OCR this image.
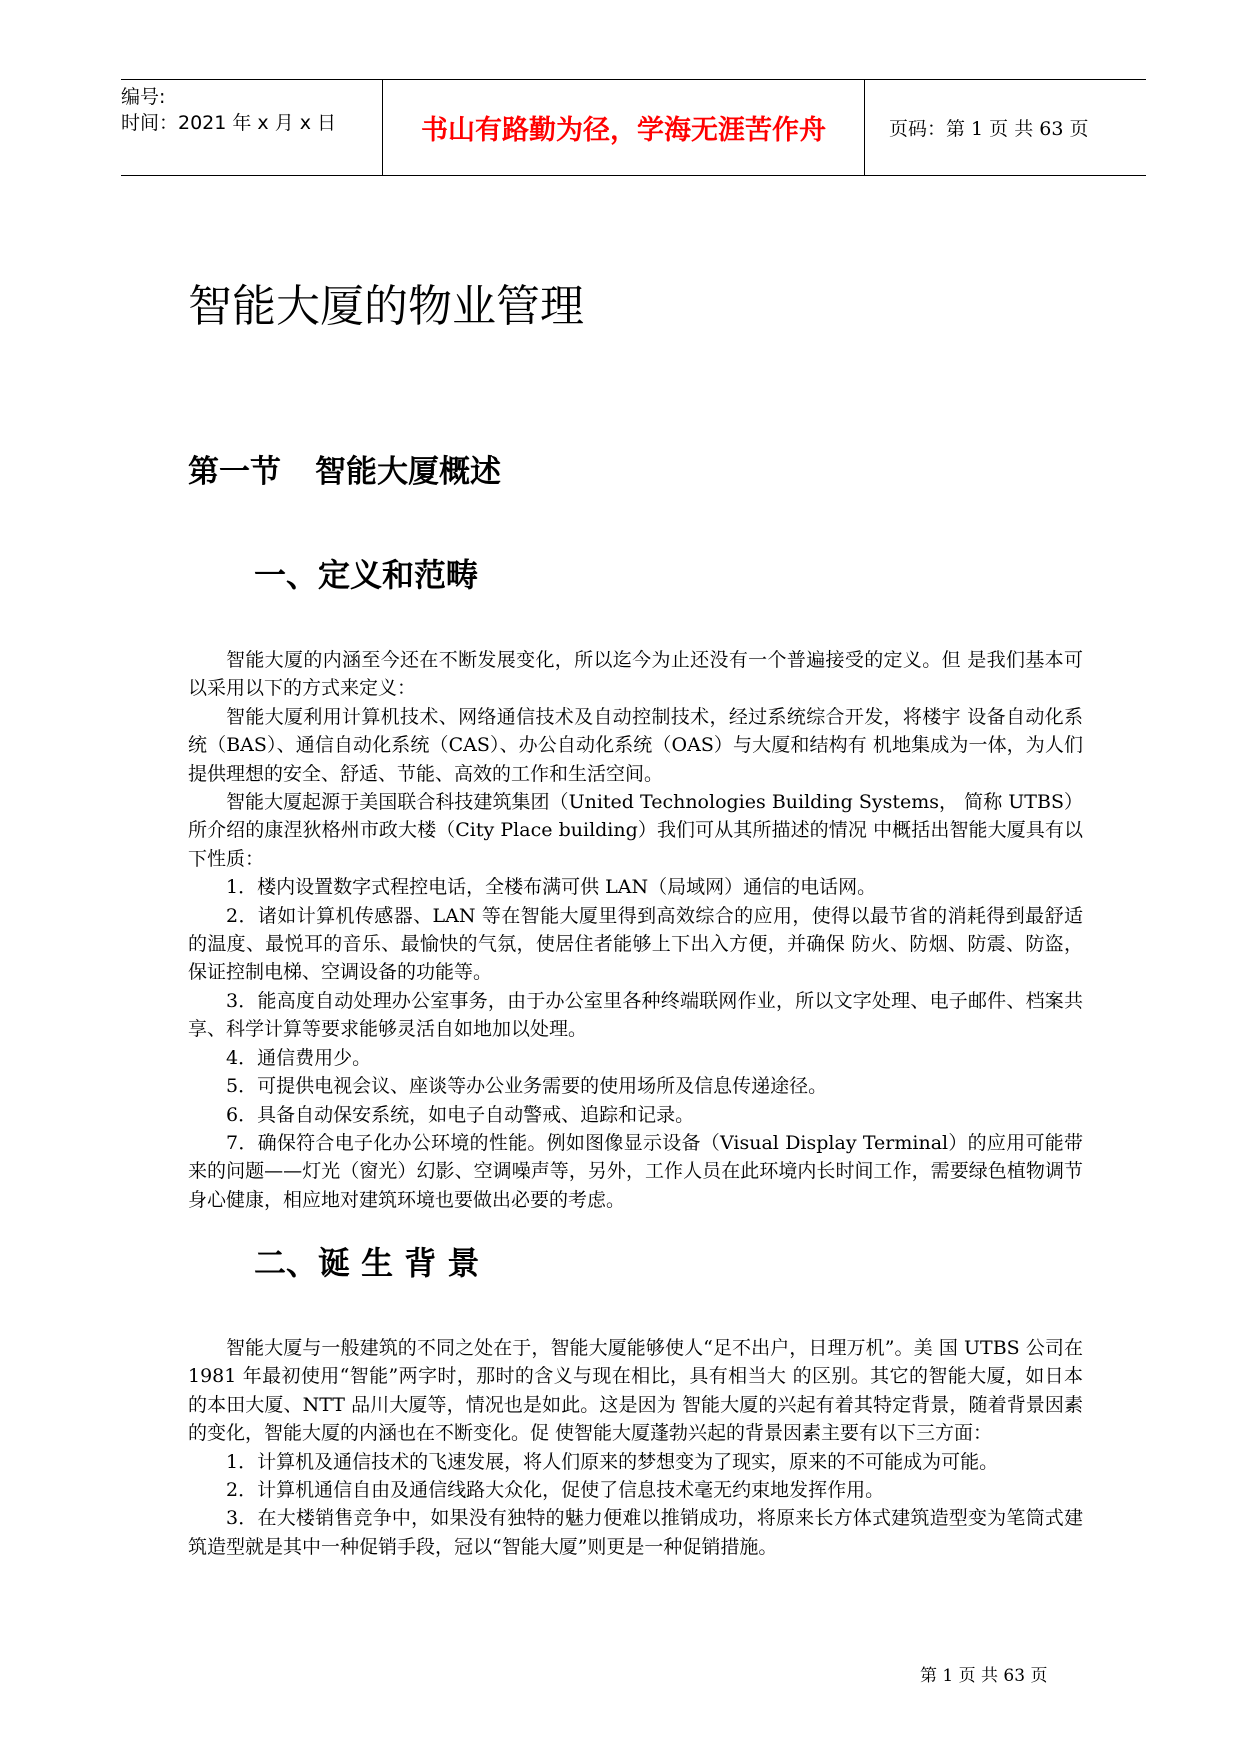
编号:
时间：2021 年 x 月 x 日	书山有路勤为径，学海无涯苦作舟	页码：第 1 页 共 63 页
智能大厦的物业管理
第一节 智能大厦概述
一、定义和范畴

智能大厦的内涵至今还在不断发展变化，所以迄今为止还没有一个普遍接受的定义。但 是我们基本可以采用以下的方式来定义：

智能大厦利用计算机技术、网络通信技术及自动控制技术，经过系统综合开发，将楼宇 设备自动化系统（BAS）、通信自动化系统（CAS）、办公自动化系统（OAS）与大厦和结构有 机地集成为一体，为人们提供理想的安全、舒适、节能、高效的工作和生活空间。

智能大厦起源于美国联合科技建筑集团（United Technologies Building Systems， 简称 UTBS）所介绍的康涅狄格州市政大楼（City Place building）我们可从其所描述的情况 中概括出智能大厦具有以下性质：

1．楼内设置数字式程控电话，全楼布满可供 LAN（局域网）通信的电话网。

2．诸如计算机传感器、LAN 等在智能大厦里得到高效综合的应用，使得以最节省的消耗得到最舒适的温度、最悦耳的音乐、最愉快的气氛，使居住者能够上下出入方便，并确保 防火、防烟、防震、防盗，保证控制电梯、空调设备的功能等。

3．能高度自动处理办公室事务，由于办公室里各种终端联网作业，所以文字处理、电子邮件、档案共享、科学计算等要求能够灵活自如地加以处理。

4．通信费用少。

5．可提供电视会议、座谈等办公业务需要的使用场所及信息传递途径。

6．具备自动保安系统，如电子自动警戒、追踪和记录。

7．确保符合电子化办公环境的性能。例如图像显示设备（Visual Display Terminal）的应用可能带来的问题——灯光（窗光）幻影、空调噪声等，另外，工作人员在此环境内长时间工作，需要绿色植物调节身心健康，相应地对建筑环境也要做出必要的考虑。

二、诞 生 背 景

智能大厦与一般建筑的不同之处在于，智能大厦能够使人“足不出户，日理万机”。美 国 UTBS 公司在 1981 年最初使用“智能”两字时，那时的含义与现在相比，具有相当大 的区别。其它的智能大厦，如日本的本田大厦、NTT 品川大厦等，情况也是如此。这是因为 智能大厦的兴起有着其特定背景，随着背景因素的变化，智能大厦的内涵也在不断变化。促 使智能大厦蓬勃兴起的背景因素主要有以下三方面：

1．计算机及通信技术的飞速发展，将人们原来的梦想变为了现实，原来的不可能成为可能。

2．计算机通信自由及通信线路大众化，促使了信息技术毫无约束地发挥作用。

3．在大楼销售竞争中，如果没有独特的魅力便难以推销成功，将原来长方体式建筑造型变为笔筒式建筑造型就是其中一种促销手段，冠以“智能大厦”则更是一种促销措施。

第 1 页 共 63 页
